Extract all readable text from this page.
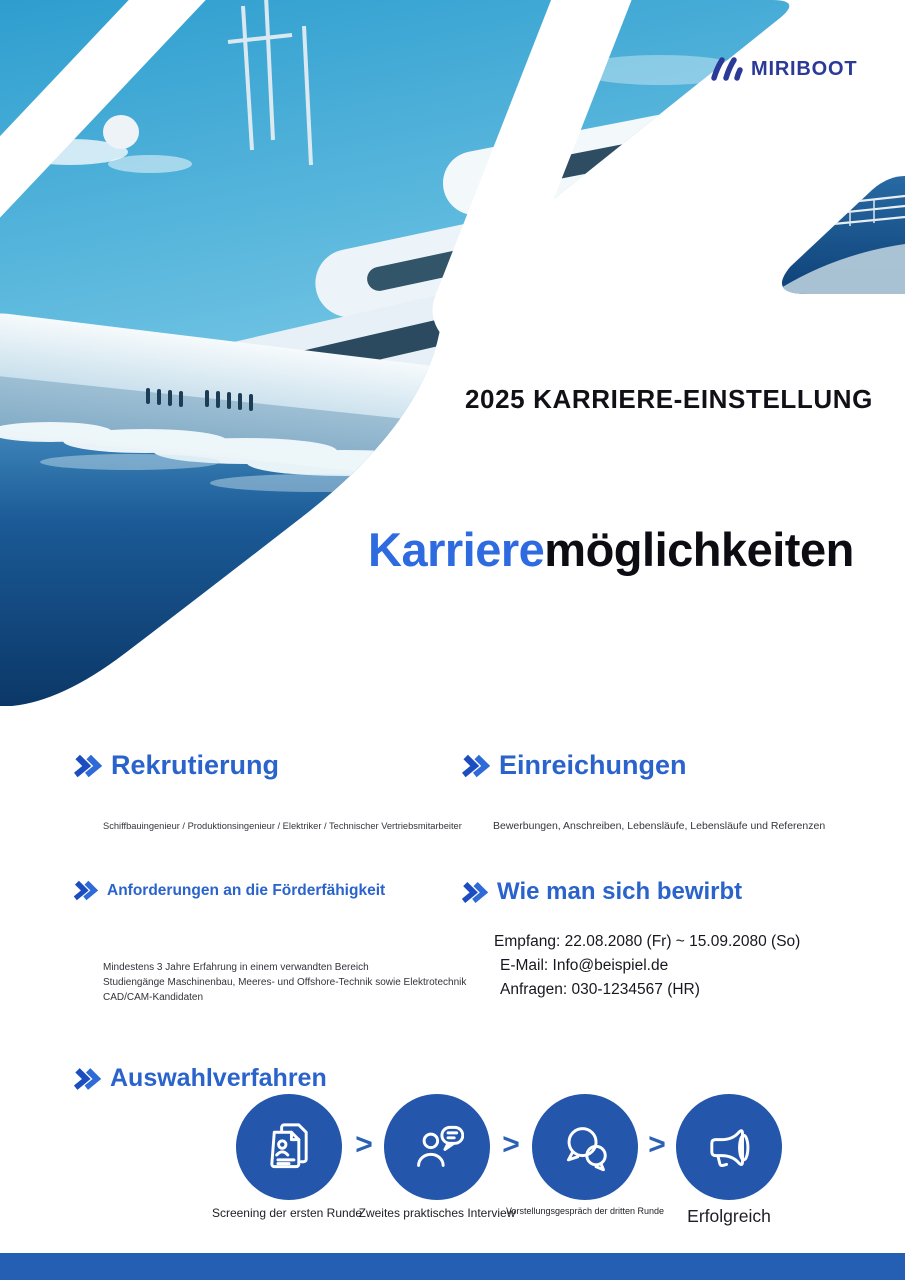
MIRIBOOT
2025 KARRIERE-EINSTELLUNG
Karrieremöglichkeiten
Rekrutierung
Schiffbauingenieur / Produktionsingenieur / Elektriker / Technischer Vertriebsmitarbeiter
Einreichungen
Bewerbungen, Anschreiben, Lebensläufe, Lebensläufe und Referenzen
Anforderungen an die Förderfähigkeit
Mindestens 3 Jahre Erfahrung in einem verwandten Bereich
Studiengänge Maschinenbau, Meeres- und Offshore-Technik sowie Elektrotechnik
CAD/CAM-Kandidaten
Wie man sich bewirbt
Empfang: 22.08.2080 (Fr) ~ 15.09.2080 (So)
E-Mail: Info@beispiel.de
Anfragen: 030-1234567 (HR)
Auswahlverfahren
>	>	>
Screening der ersten Runde
Zweites praktisches Interview
Vorstellungsgespräch der dritten Runde Erfolgreich
